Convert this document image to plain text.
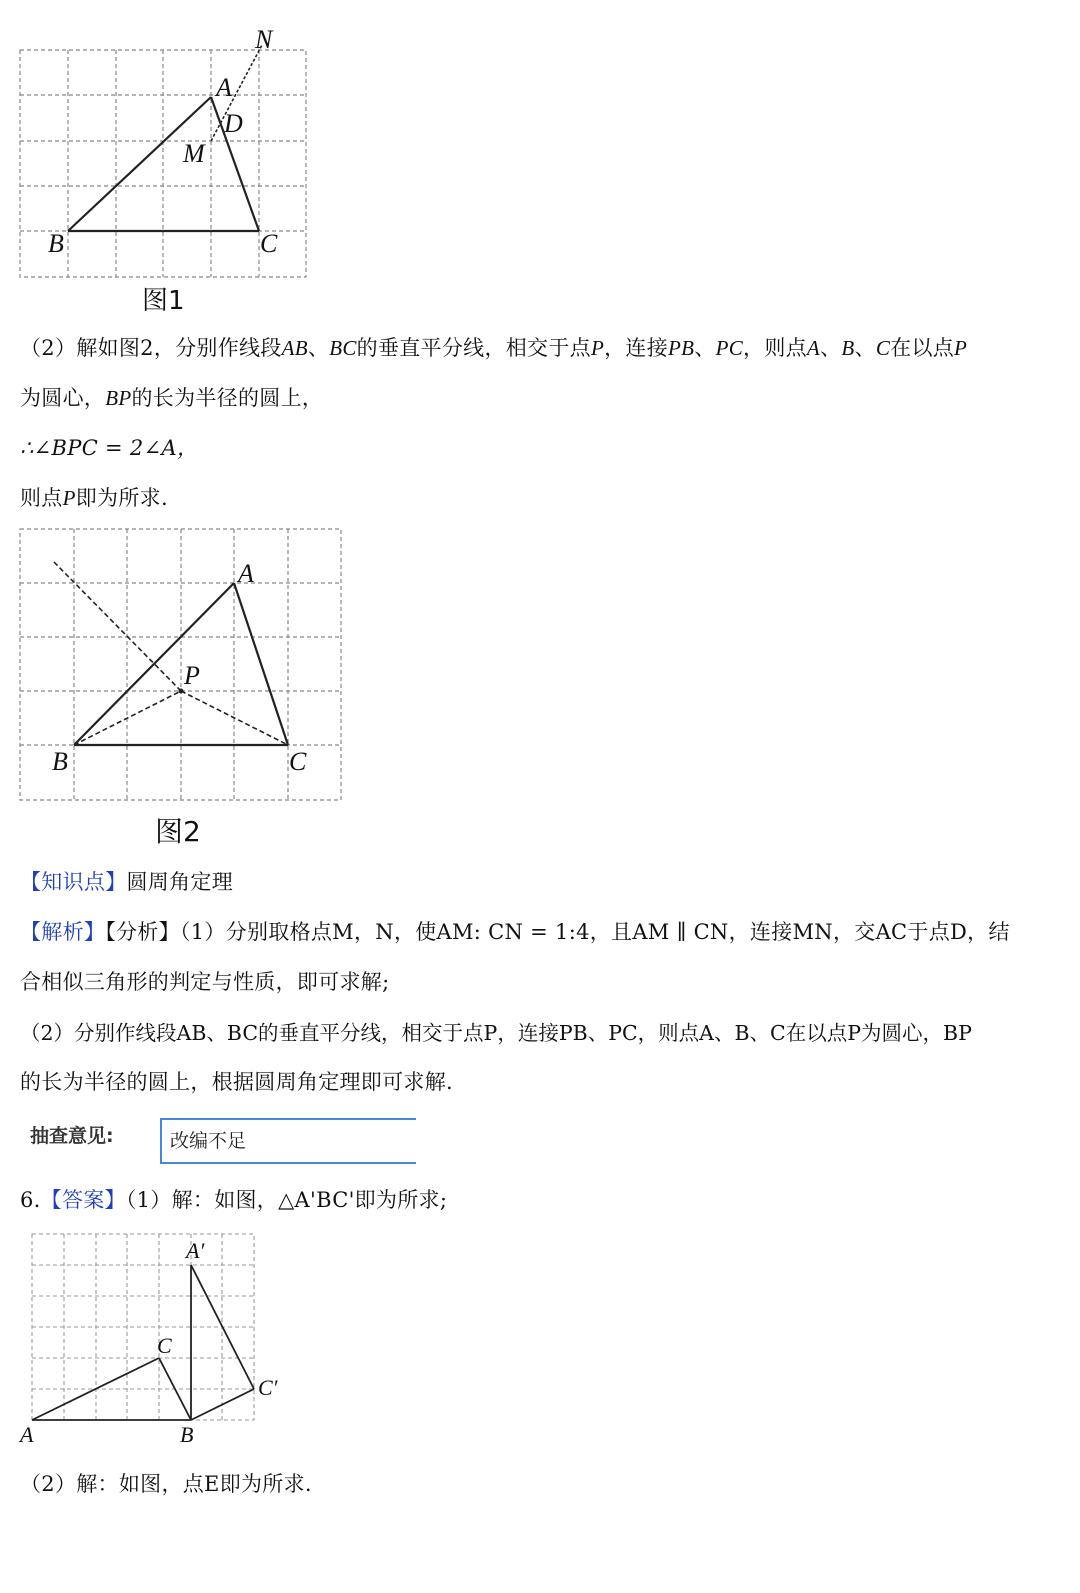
N
A
D
M
B	C
图1
（2）解如图2，分别作线段AB、BC的垂直平分线，相交于点P，连接PB、PC，则点A、B、C在以点P
为圆心，BP的长为半径的圆上，
∴∠BPC = 2∠A，
则点P即为所求.
A
P
B	C
图2
【知识点】圆周角定理
【解析】【分析】（1）分别取格点M，N，使AM: CN = 1:4，且AM ∥ CN，连接MN，交AC于点D，结
合相似三角形的判定与性质，即可求解;
（2）分别作线段AB、BC的垂直平分线，相交于点P，连接PB、PC，则点A、B、C在以点P为圆心，BP
的长为半径的圆上，根据圆周角定理即可求解.
抽查意见:	改编不足
6.【答案】（1）解：如图，△A'BC'即为所求;
A′
C
C′
A	B
（2）解：如图，点E即为所求.
